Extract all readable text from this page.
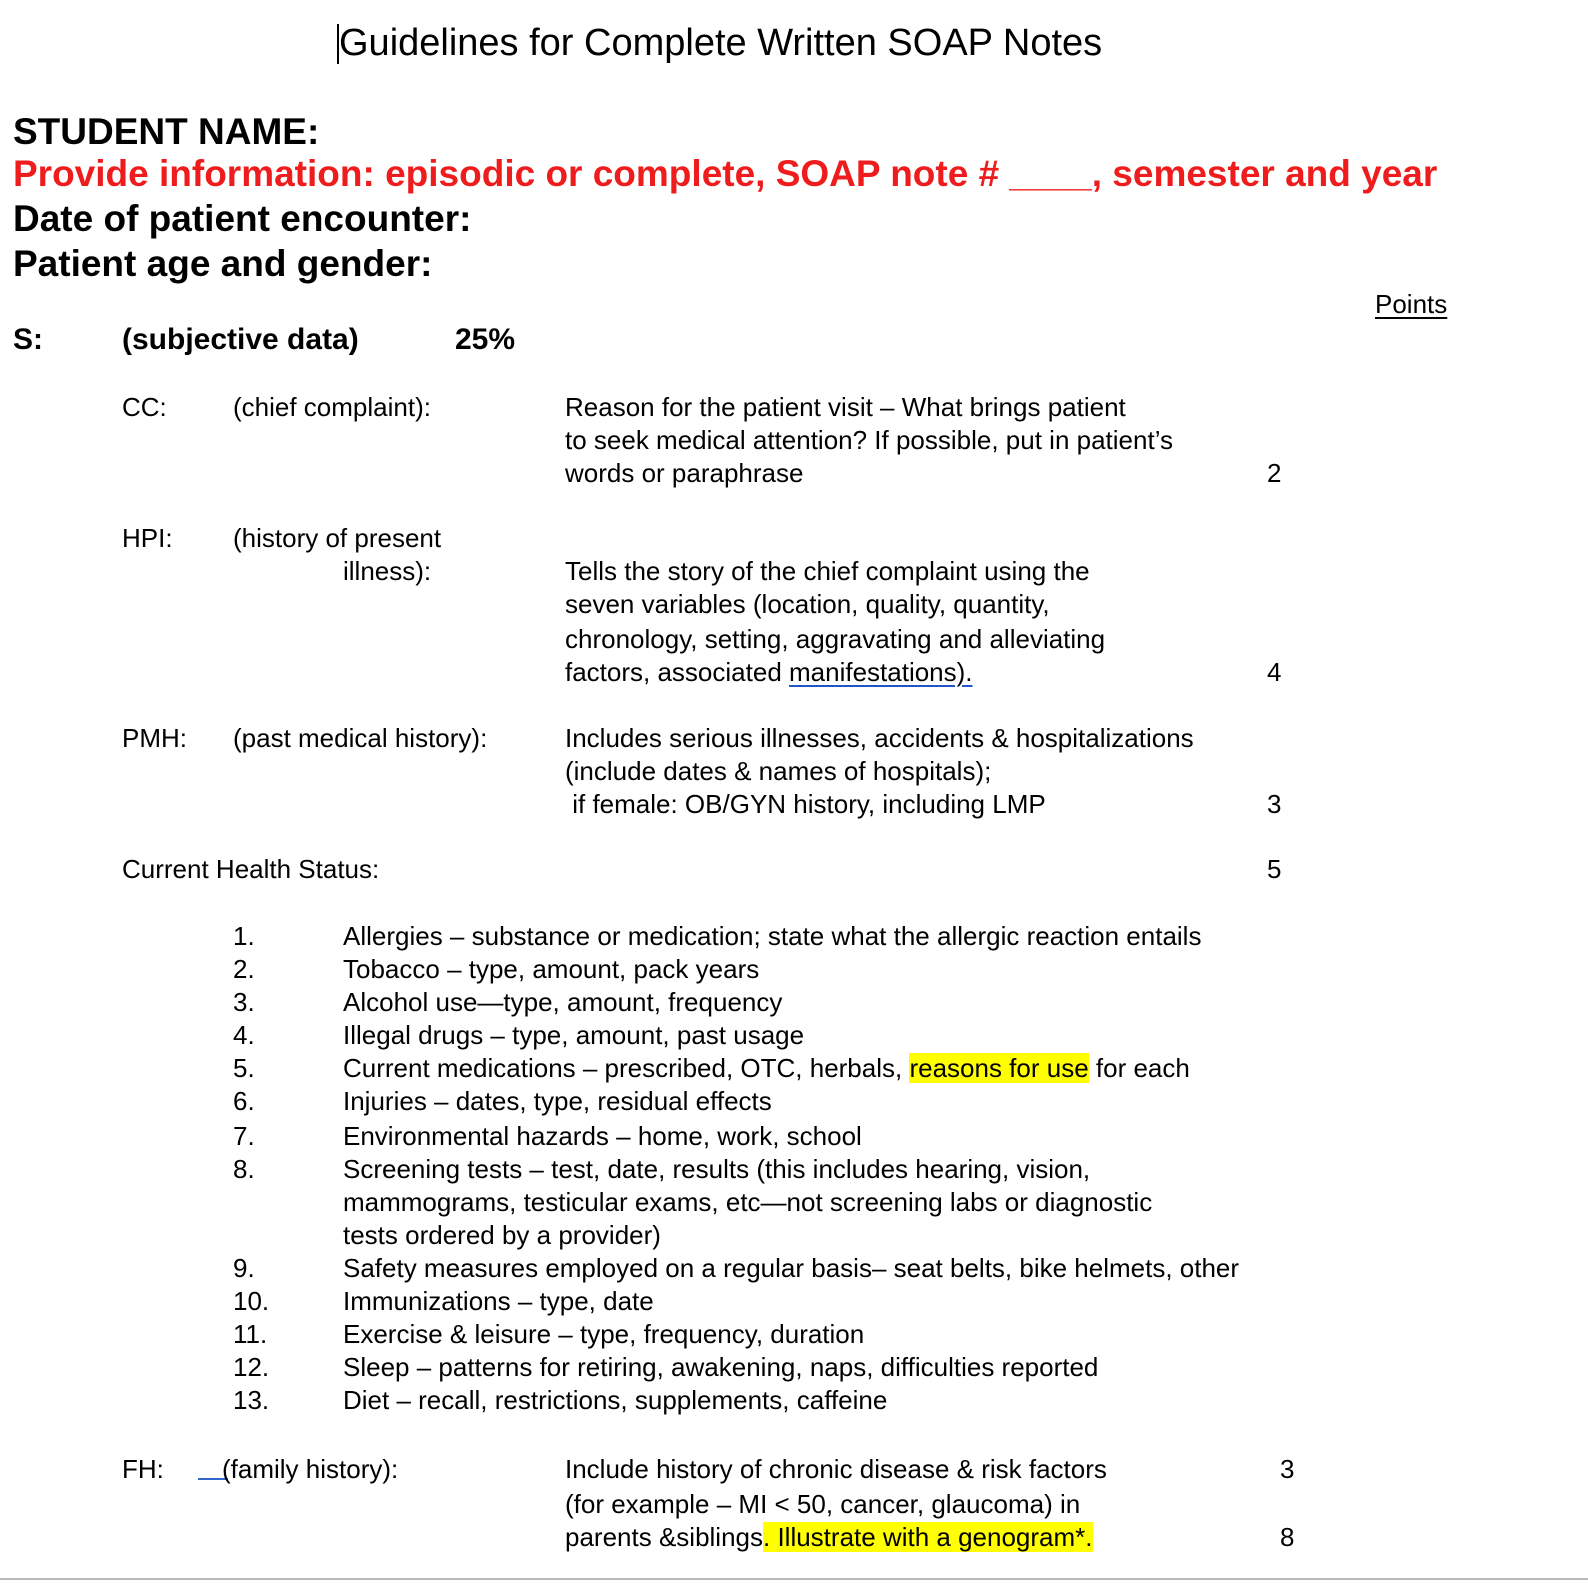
Guidelines for Complete Written SOAP Notes
STUDENT NAME:
Provide information: episodic or complete, SOAP note # ____, semester and year
Date of patient encounter:
Patient age and gender:
Points
S:	(subjective data)	25%
CC:	(chief complaint):	Reason for the patient visit – What brings patient
to seek medical attention? If possible, put in patient’s
words or paraphrase	2
HPI: (history of present
illness):	Tells the story of the chief complaint using the
seven variables (location, quality, quantity,
chronology, setting, aggravating and alleviating
factors, associated manifestations).	4
PMH: (past medical history):	Includes serious illnesses, accidents & hospitalizations
(include dates & names of hospitals);
if female: OB/GYN history, including LMP	3
Current Health Status:	5
1.	Allergies – substance or medication; state what the allergic reaction entails
2.	Tobacco – type, amount, pack years
3.	Alcohol use—type, amount, frequency
4.	Illegal drugs – type, amount, past usage
5.	Current medications – prescribed, OTC, herbals, reasons for use for each
6.	Injuries – dates, type, residual effects
7.	Environmental hazards – home, work, school
8.	Screening tests – test, date, results (this includes hearing, vision,
mammograms, testicular exams, etc—not screening labs or diagnostic
tests ordered by a provider)
9.	Safety measures employed on a regular basis– seat belts, bike helmets, other
10.	Immunizations – type, date
11.	Exercise & leisure – type, frequency, duration
12.	Sleep – patterns for retiring, awakening, naps, difficulties reported
13.	Diet – recall, restrictions, supplements, caffeine
FH: (family history):	Include history of chronic disease & risk factors	3
(for example – MI < 50, cancer, glaucoma) in
parents &siblings. Illustrate with a genogram*.	8
